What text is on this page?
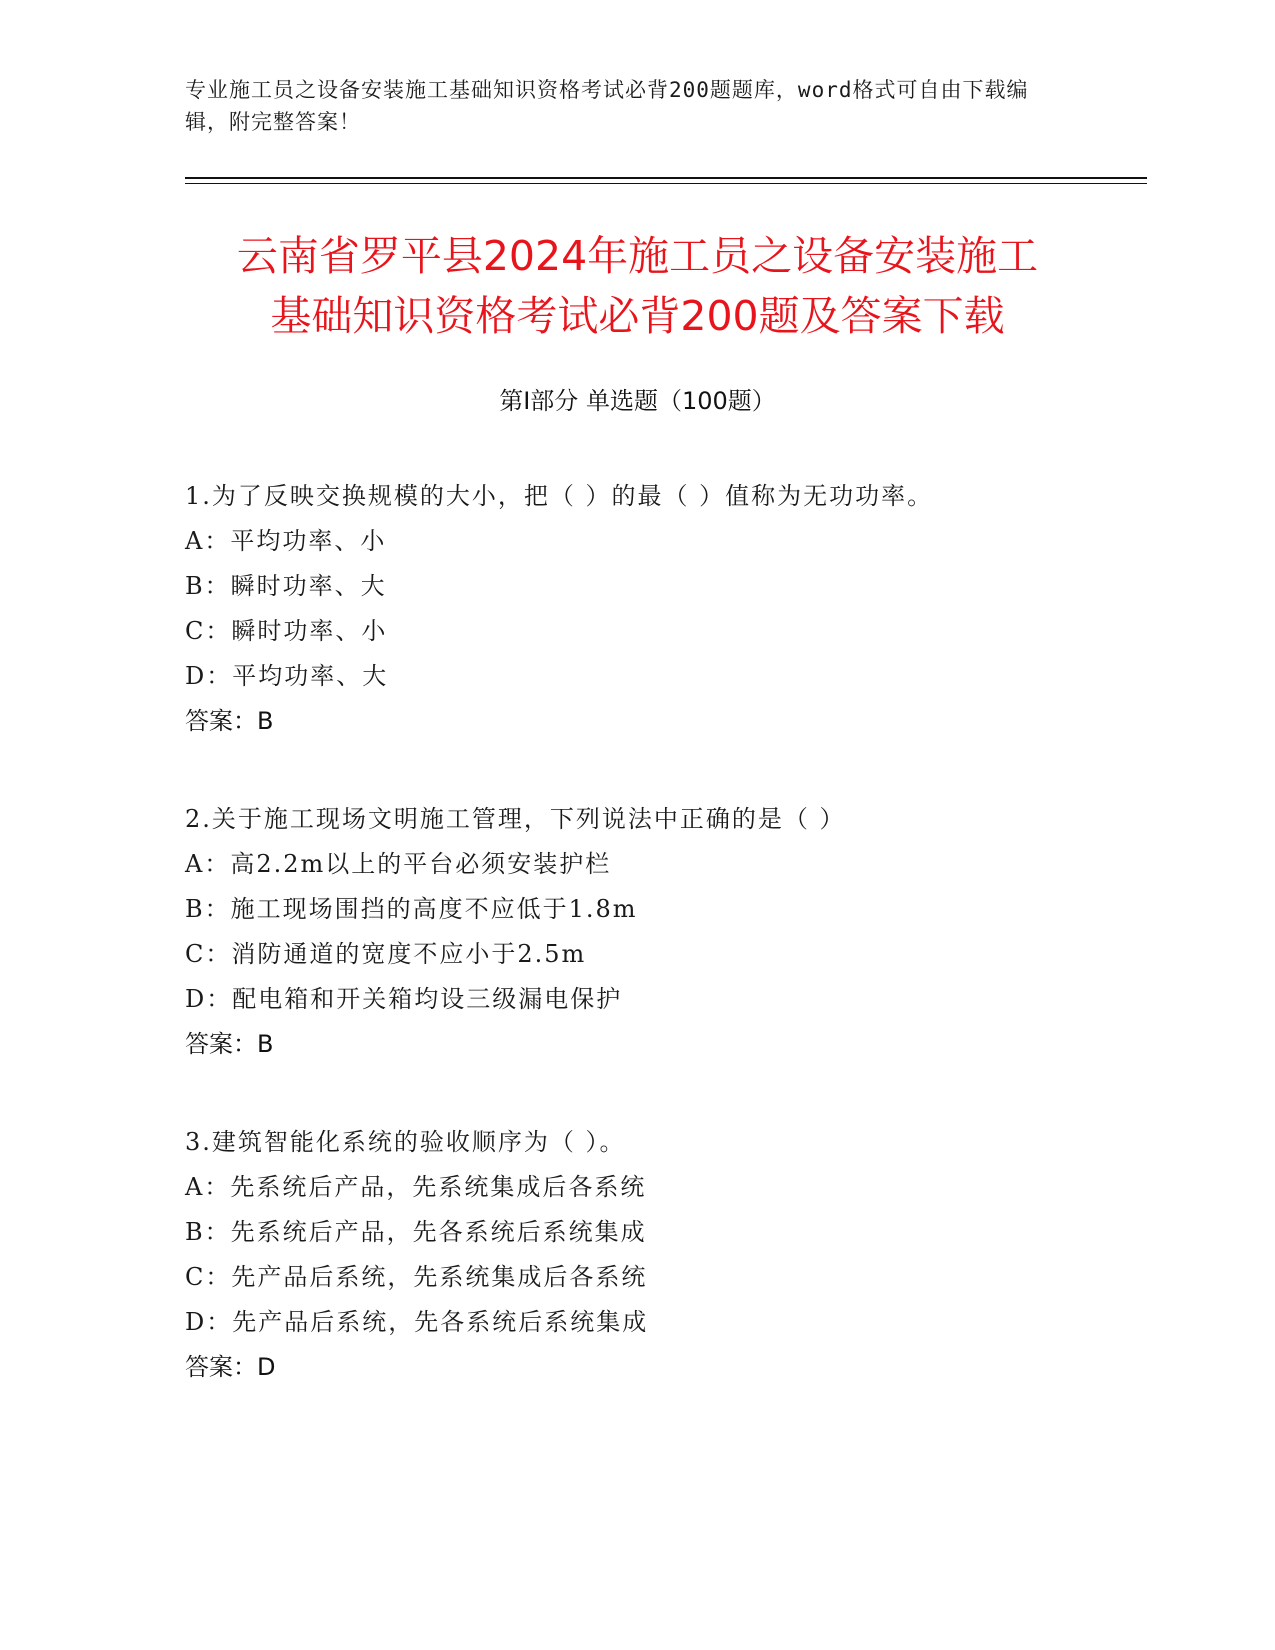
专业施工员之设备安装施工基础知识资格考试必背200题题库，word格式可自由下载编辑，附完整答案！
云南省罗平县2024年施工员之设备安装施工
基础知识资格考试必背200题及答案下载
第Ⅰ部分 单选题（100题）
1.为了反映交换规模的大小，把（ ）的最（ ）值称为无功功率。
A：平均功率、小
B：瞬时功率、大
C：瞬时功率、小
D：平均功率、大
答案：B
2.关于施工现场文明施工管理，下列说法中正确的是（ ）
A：高2.2m以上的平台必须安装护栏
B：施工现场围挡的高度不应低于1.8m
C：消防通道的宽度不应小于2.5m
D：配电箱和开关箱均设三级漏电保护
答案：B
3.建筑智能化系统的验收顺序为（ ）。
A：先系统后产品，先系统集成后各系统
B：先系统后产品，先各系统后系统集成
C：先产品后系统，先系统集成后各系统
D：先产品后系统，先各系统后系统集成
答案：D
